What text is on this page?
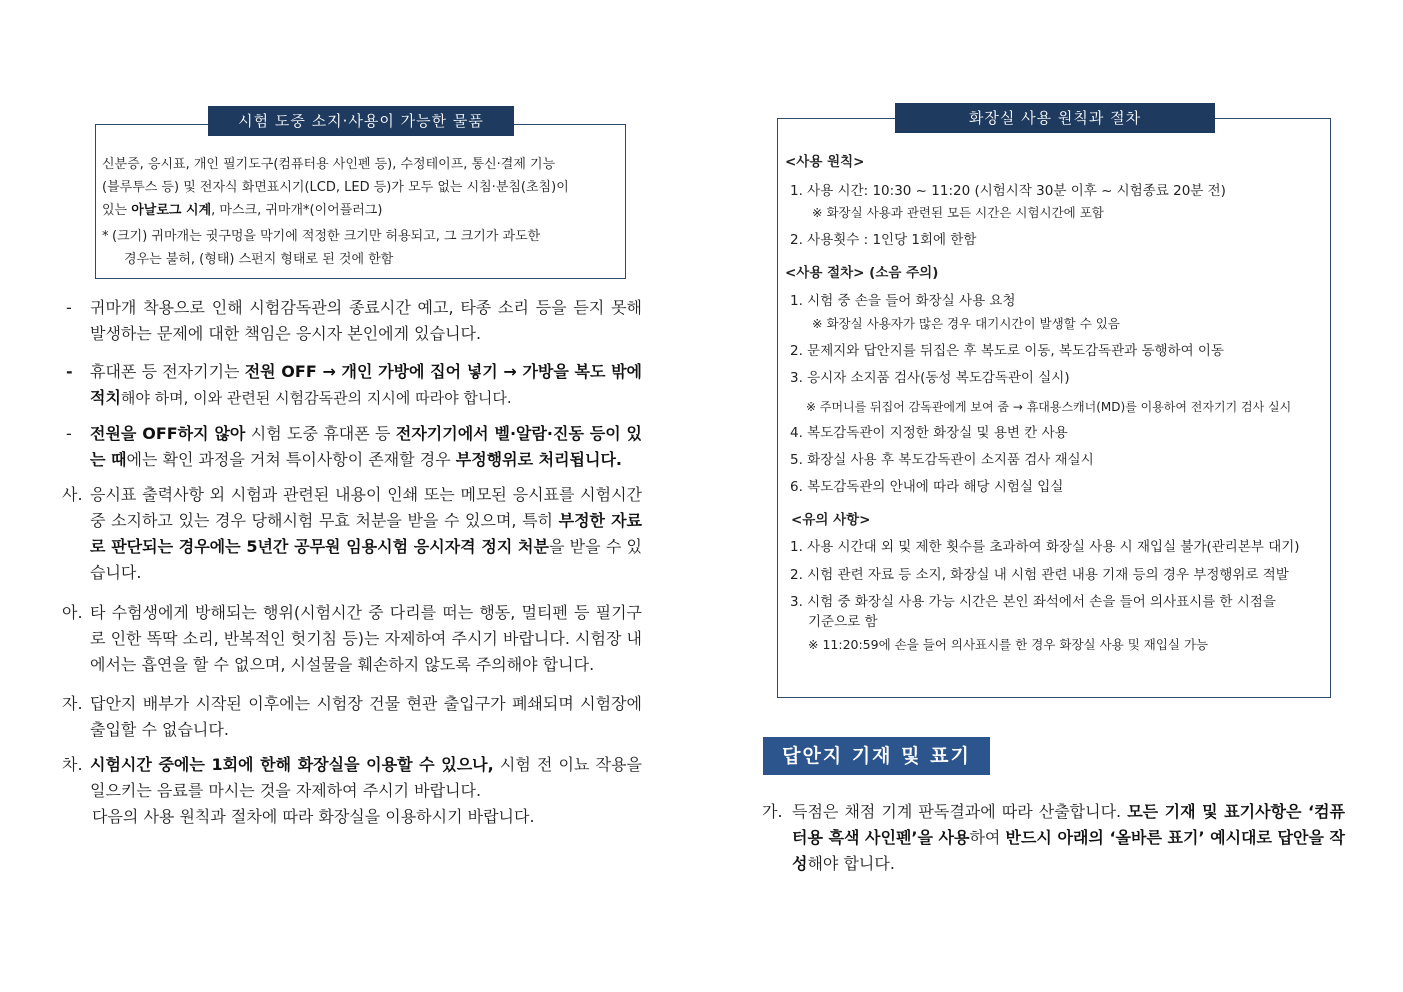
신분증, 응시표, 개인 필기도구(컴퓨터용 사인펜 등), 수정테이프, 통신·결제 기능
(블루투스 등) 및 전자식 화면표시기(LCD, LED 등)가 모두 없는 시침·분침(초침)이
있는 아날로그 시계, 마스크, 귀마개*(이어플러그)
* (크기) 귀마개는 귓구멍을 막기에 적정한 크기만 허용되고, 그 크기가 과도한
경우는 불허, (형태) 스펀지 형태로 된 것에 한함
시험 도중 소지·사용이 가능한 물품
-	귀마개 착용으로 인해 시험감독관의 종료시간 예고, 타종 소리 등을 듣지 못해 발생하는 문제에 대한 책임은 응시자 본인에게 있습니다.
-	휴대폰 등 전자기기는 전원 OFF → 개인 가방에 집어 넣기 → 가방을 복도 밖에 적치해야 하며, 이와 관련된 시험감독관의 지시에 따라야 합니다.
-	전원을 OFF하지 않아 시험 도중 휴대폰 등 전자기기에서 벨·알람·진동 등이 있는 때에는 확인 과정을 거쳐 특이사항이 존재할 경우 부정행위로 처리됩니다.
사. 응시표 출력사항 외 시험과 관련된 내용이 인쇄 또는 메모된 응시표를 시험시간 중 소지하고 있는 경우 당해시험 무효 처분을 받을 수 있으며, 특히 부정한 자료로 판단되는 경우에는 5년간 공무원 임용시험 응시자격 정지 처분을 받을 수 있습니다.
아. 타 수험생에게 방해되는 행위(시험시간 중 다리를 떠는 행동, 멀티펜 등 필기구로 인한 똑딱 소리, 반복적인 헛기침 등)는 자제하여 주시기 바랍니다. 시험장 내에서는 흡연을 할 수 없으며, 시설물을 훼손하지 않도록 주의해야 합니다.
자. 답안지 배부가 시작된 이후에는 시험장 건물 현관 출입구가 폐쇄되며 시험장에 출입할 수 없습니다.
차. 시험시간 중에는 1회에 한해 화장실을 이용할 수 있으나, 시험 전 이뇨 작용을 일으키는 음료를 마시는 것을 자제하여 주시기 바랍니다.
다음의 사용 원칙과 절차에 따라 화장실을 이용하시기 바랍니다.
화장실 사용 원칙과 절차
<사용 원칙>
1. 사용 시간: 10:30 ~ 11:20 (시험시작 30분 이후 ~ 시험종료 20분 전)
※ 화장실 사용과 관련된 모든 시간은 시험시간에 포함
2. 사용횟수 : 1인당 1회에 한함
<사용 절차> (소음 주의)
1. 시험 중 손을 들어 화장실 사용 요청
※ 화장실 사용자가 많은 경우 대기시간이 발생할 수 있음
2. 문제지와 답안지를 뒤집은 후 복도로 이동, 복도감독관과 동행하여 이동
3. 응시자 소지품 검사(동성 복도감독관이 실시)
※ 주머니를 뒤집어 감독관에게 보여 줌 → 휴대용스캐너(MD)를 이용하여 전자기기 검사 실시
4. 복도감독관이 지정한 화장실 및 용변 칸 사용
5. 화장실 사용 후 복도감독관이 소지품 검사 재실시
6. 복도감독관의 안내에 따라 해당 시험실 입실
<유의 사항>
1. 사용 시간대 외 및 제한 횟수를 초과하여 화장실 사용 시 재입실 불가(관리본부 대기)
2. 시험 관련 자료 등 소지, 화장실 내 시험 관련 내용 기재 등의 경우 부정행위로 적발
3. 시험 중 화장실 사용 가능 시간은 본인 좌석에서 손을 들어 의사표시를 한 시점을
기준으로 함
※ 11:20:59에 손을 들어 의사표시를 한 경우 화장실 사용 및 재입실 가능
답안지 기재 및 표기
가. 득점은 채점 기계 판독결과에 따라 산출합니다. 모든 기재 및 표기사항은 ‘컴퓨터용 흑색 사인펜’을 사용하여 반드시 아래의 ‘올바른 표기’ 예시대로 답안을 작성해야 합니다.
